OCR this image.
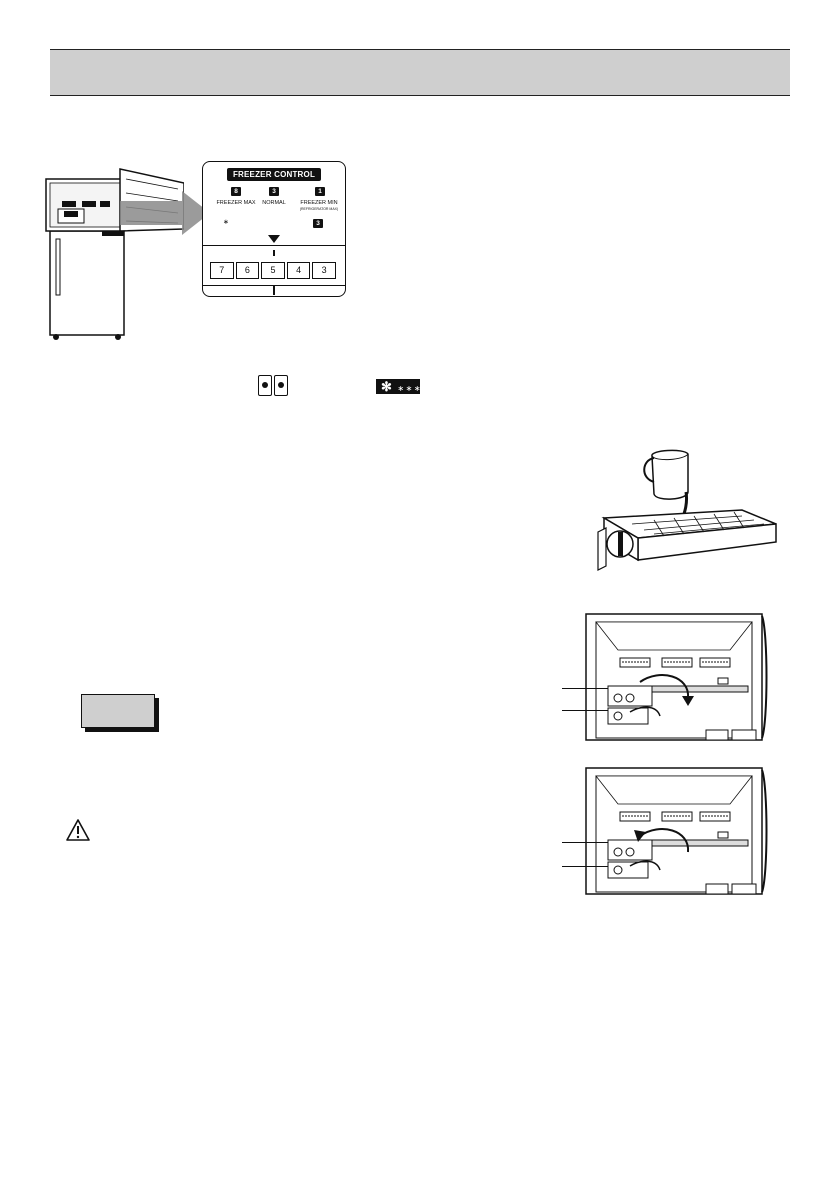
FREEZER CONTROL
8	3	1
FREEZER MAX	NORMAL	FREEZER MIN
(REFRIGERATOR MAX)
∗	3
7	6	5	4	3
✻ ∗∗∗
